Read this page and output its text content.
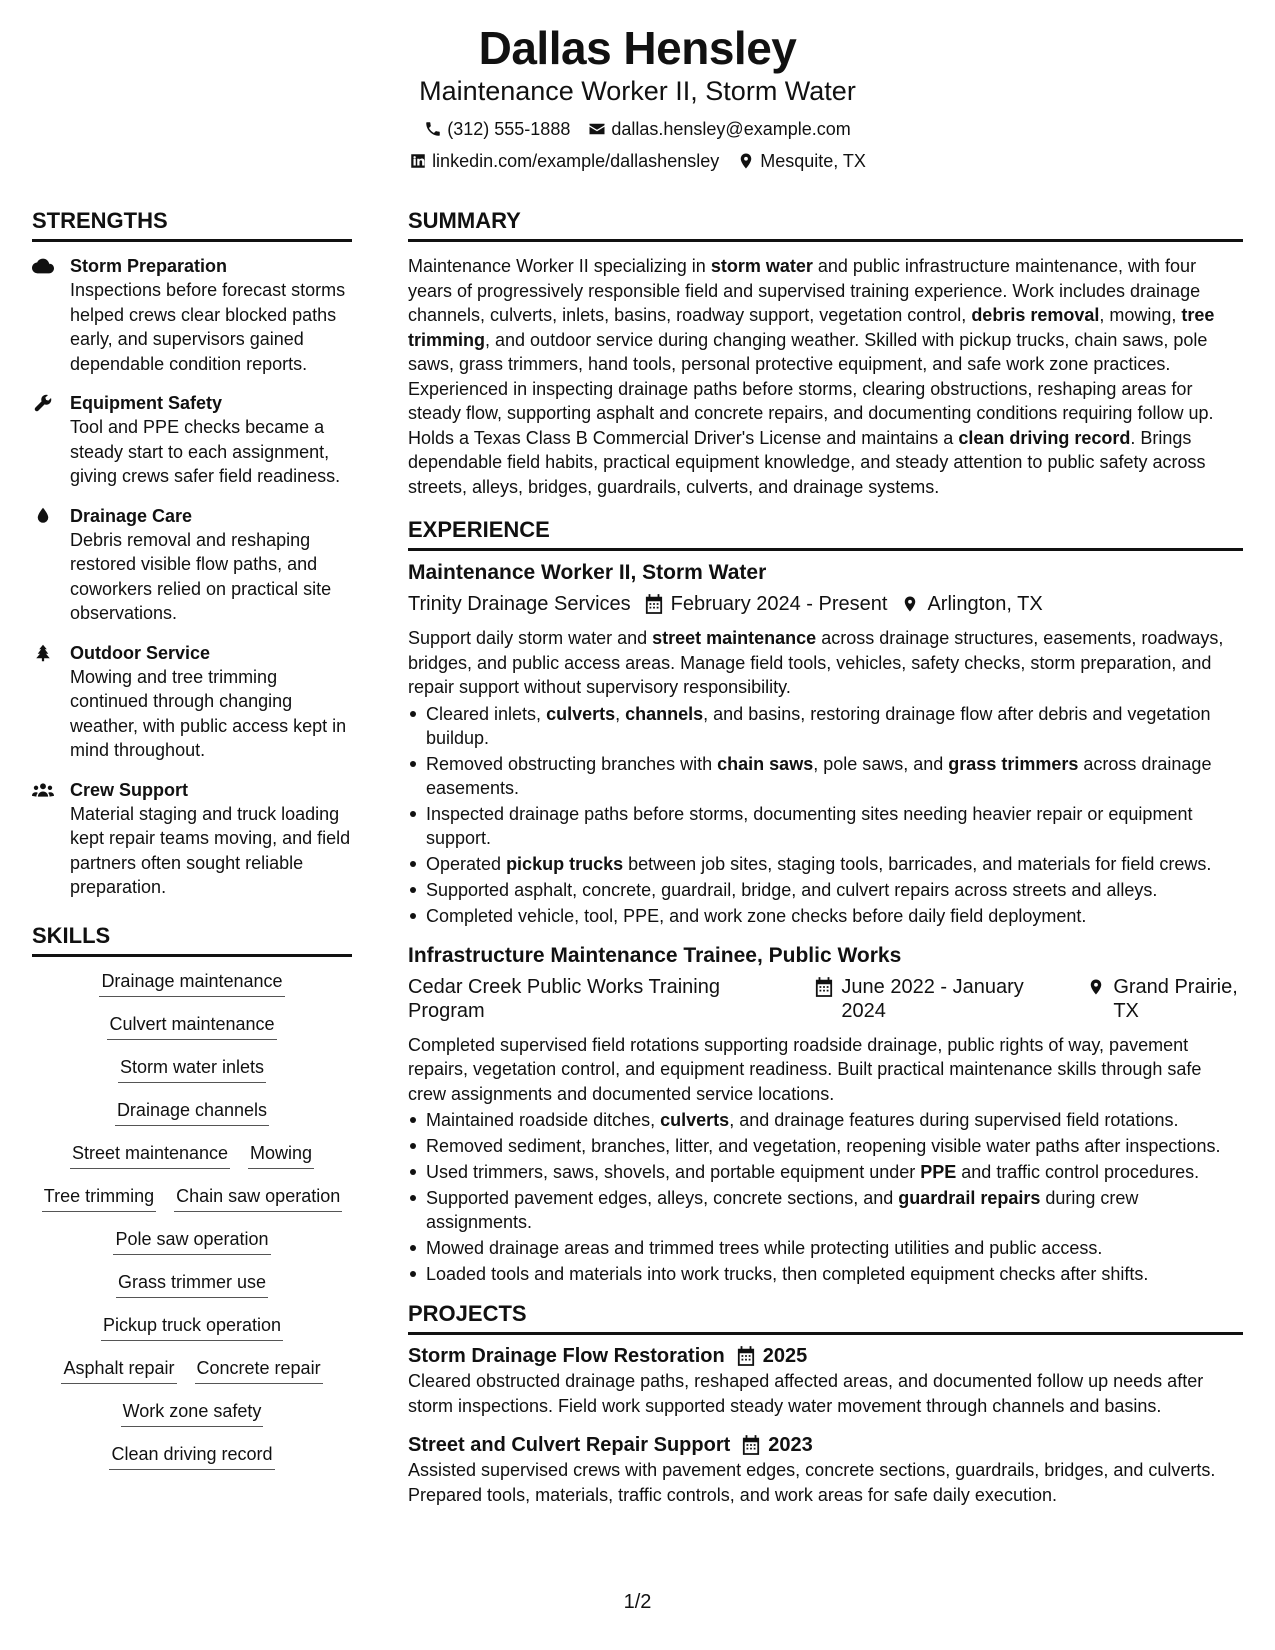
Dallas Hensley
Maintenance Worker II, Storm Water
(312) 555-1888 dallas.hensley@example.com
linkedin.com/example/dallashensley Mesquite, TX
STRENGTHS
Storm Preparation
Inspections before forecast storms helped crews clear blocked paths early, and supervisors gained dependable condition reports.
Equipment Safety
Tool and PPE checks became a steady start to each assignment, giving crews safer field readiness.
Drainage Care
Debris removal and reshaping restored visible flow paths, and coworkers relied on practical site observations.
Outdoor Service
Mowing and tree trimming continued through changing weather, with public access kept in mind throughout.
Crew Support
Material staging and truck loading kept repair teams moving, and field partners often sought reliable preparation.
SKILLS
Drainage maintenance
Culvert maintenance
Storm water inlets
Drainage channels
Street maintenance Mowing
Tree trimming Chain saw operation
Pole saw operation
Grass trimmer use
Pickup truck operation
Asphalt repair Concrete repair
Work zone safety
Clean driving record
SUMMARY
Maintenance Worker II specializing in storm water and public infrastructure maintenance, with four years of progressively responsible field and supervised training experience. Work includes drainage channels, culverts, inlets, basins, roadway support, vegetation control, debris removal, mowing, tree trimming, and outdoor service during changing weather. Skilled with pickup trucks, chain saws, pole saws, grass trimmers, hand tools, personal protective equipment, and safe work zone practices. Experienced in inspecting drainage paths before storms, clearing obstructions, reshaping areas for steady flow, supporting asphalt and concrete repairs, and documenting conditions requiring follow up. Holds a Texas Class B Commercial Driver's License and maintains a clean driving record. Brings dependable field habits, practical equipment knowledge, and steady attention to public safety across streets, alleys, bridges, guardrails, culverts, and drainage systems.
EXPERIENCE
Maintenance Worker II, Storm Water
Trinity Drainage Services February 2024 - Present Arlington, TX
Support daily storm water and street maintenance across drainage structures, easements, roadways, bridges, and public access areas. Manage field tools, vehicles, safety checks, storm preparation, and repair support without supervisory responsibility.
Cleared inlets, culverts, channels, and basins, restoring drainage flow after debris and vegetation buildup.
Removed obstructing branches with chain saws, pole saws, and grass trimmers across drainage easements.
Inspected drainage paths before storms, documenting sites needing heavier repair or equipment support.
Operated pickup trucks between job sites, staging tools, barricades, and materials for field crews.
Supported asphalt, concrete, guardrail, bridge, and culvert repairs across streets and alleys.
Completed vehicle, tool, PPE, and work zone checks before daily field deployment.
Infrastructure Maintenance Trainee, Public Works
Cedar Creek Public Works Training Program
June 2022 - January 2024
Grand Prairie, TX
Completed supervised field rotations supporting roadside drainage, public rights of way, pavement repairs, vegetation control, and equipment readiness. Built practical maintenance skills through safe crew assignments and documented service locations.
Maintained roadside ditches, culverts, and drainage features during supervised field rotations.
Removed sediment, branches, litter, and vegetation, reopening visible water paths after inspections.
Used trimmers, saws, shovels, and portable equipment under PPE and traffic control procedures.
Supported pavement edges, alleys, concrete sections, and guardrail repairs during crew assignments.
Mowed drainage areas and trimmed trees while protecting utilities and public access.
Loaded tools and materials into work trucks, then completed equipment checks after shifts.
PROJECTS
Storm Drainage Flow Restoration 2025
Cleared obstructed drainage paths, reshaped affected areas, and documented follow up needs after storm inspections. Field work supported steady water movement through channels and basins.
Street and Culvert Repair Support 2023
Assisted supervised crews with pavement edges, concrete sections, guardrails, bridges, and culverts. Prepared tools, materials, traffic controls, and work areas for safe daily execution.
1/2
